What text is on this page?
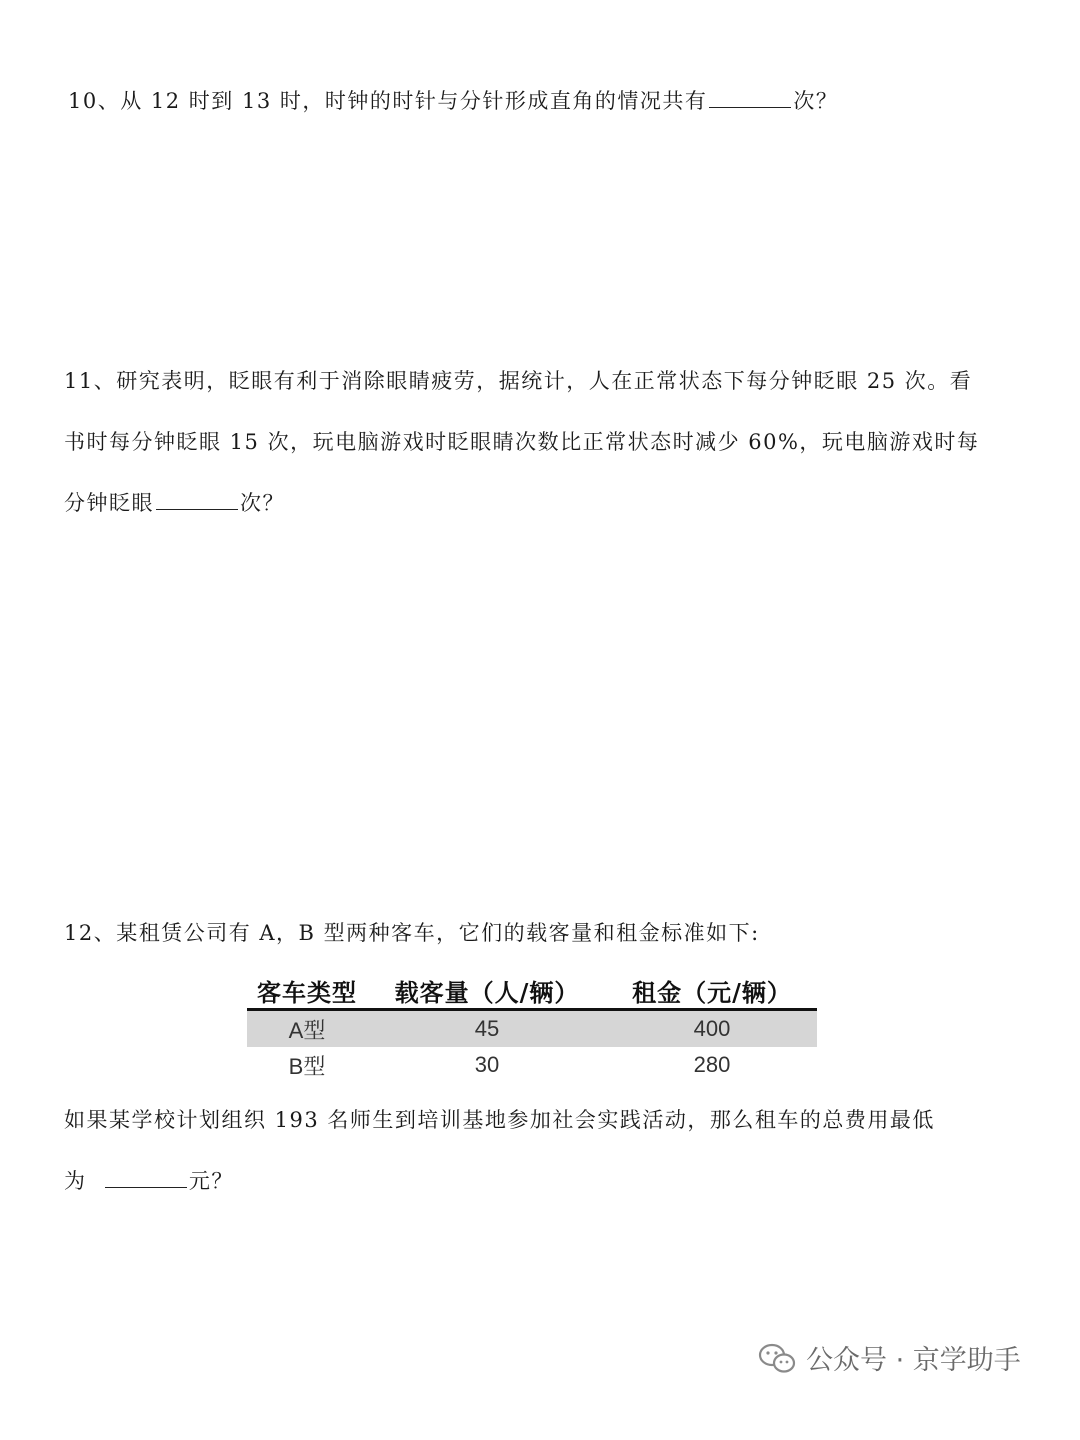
10、从 12 时到 13 时，时钟的时针与分针形成直角的情况共有	次？
11、研究表明，眨眼有利于消除眼睛疲劳，据统计，人在正常状态下每分钟眨眼 25 次。看
书时每分钟眨眼 15 次，玩电脑游戏时眨眼睛次数比正常状态时减少 60%，玩电脑游戏时每
分钟眨眼	次？
12、某租赁公司有 A，B 型两种客车，它们的载客量和租金标准如下:
客车类型	载客量（人/辆）	租金（元/辆）
A型	45	400
B型	30	280
如果某学校计划组织 193 名师生到培训基地参加社会实践活动，那么租车的总费用最低
为	元？
公众号 · 京学助手
